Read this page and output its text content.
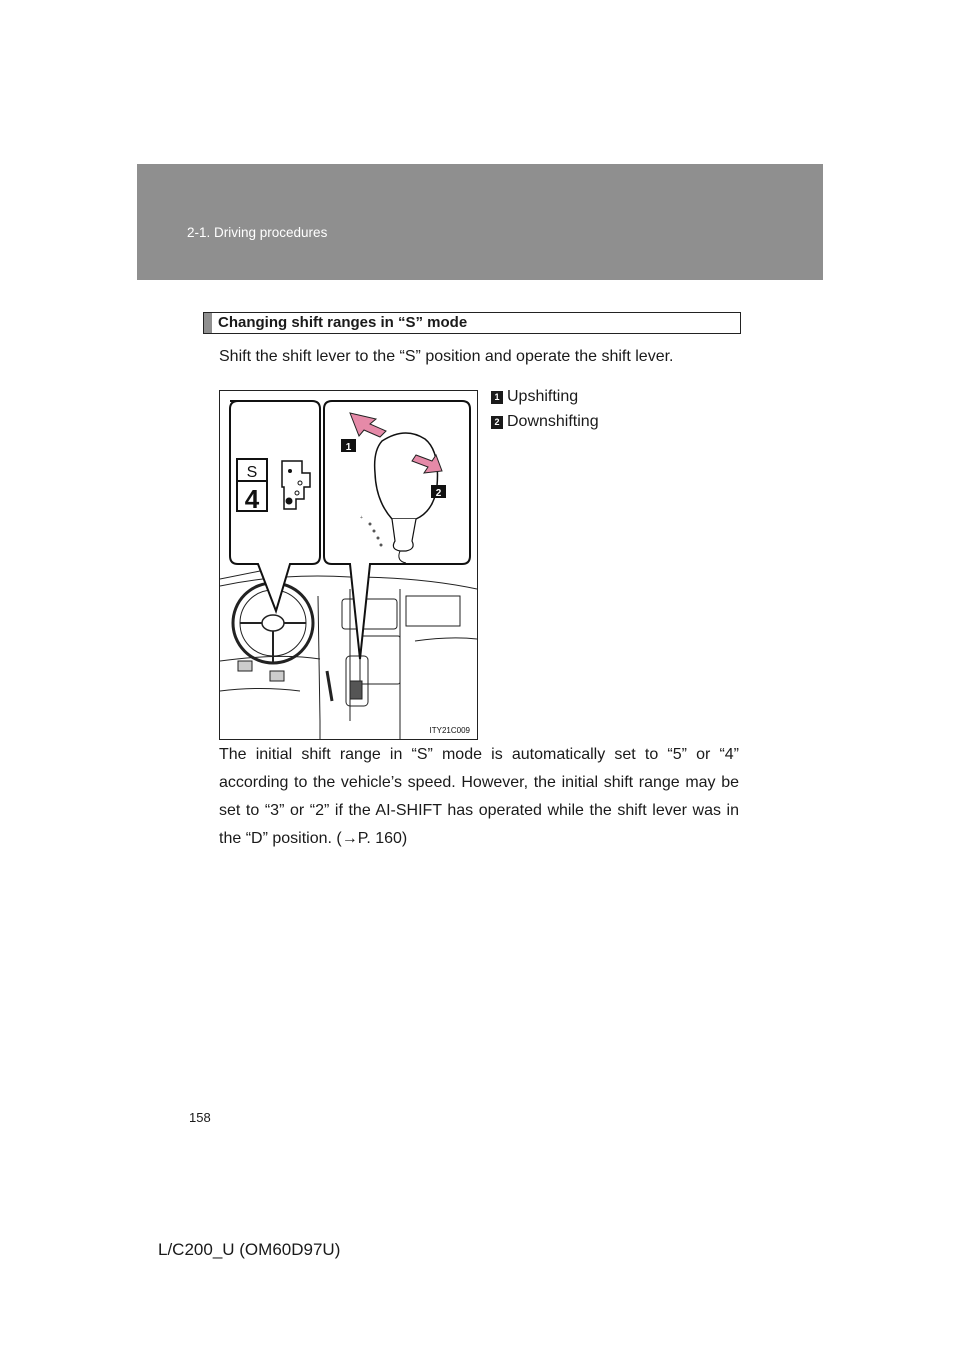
2-1. Driving procedures
Changing shift ranges in “S” mode
Shift the shift lever to the “S” position and operate the shift lever.
S
4
+
1
2
ITY21C009
1 Upshifting
2 Downshifting
The initial shift range in “S” mode is automatically set to “5” or “4” according to the vehicle’s speed. However, the initial shift range may be set to “3” or “2” if the AI-SHIFT has operated while the shift lever was in the “D” position. (→P. 160)
158
L/C200_U (OM60D97U)
